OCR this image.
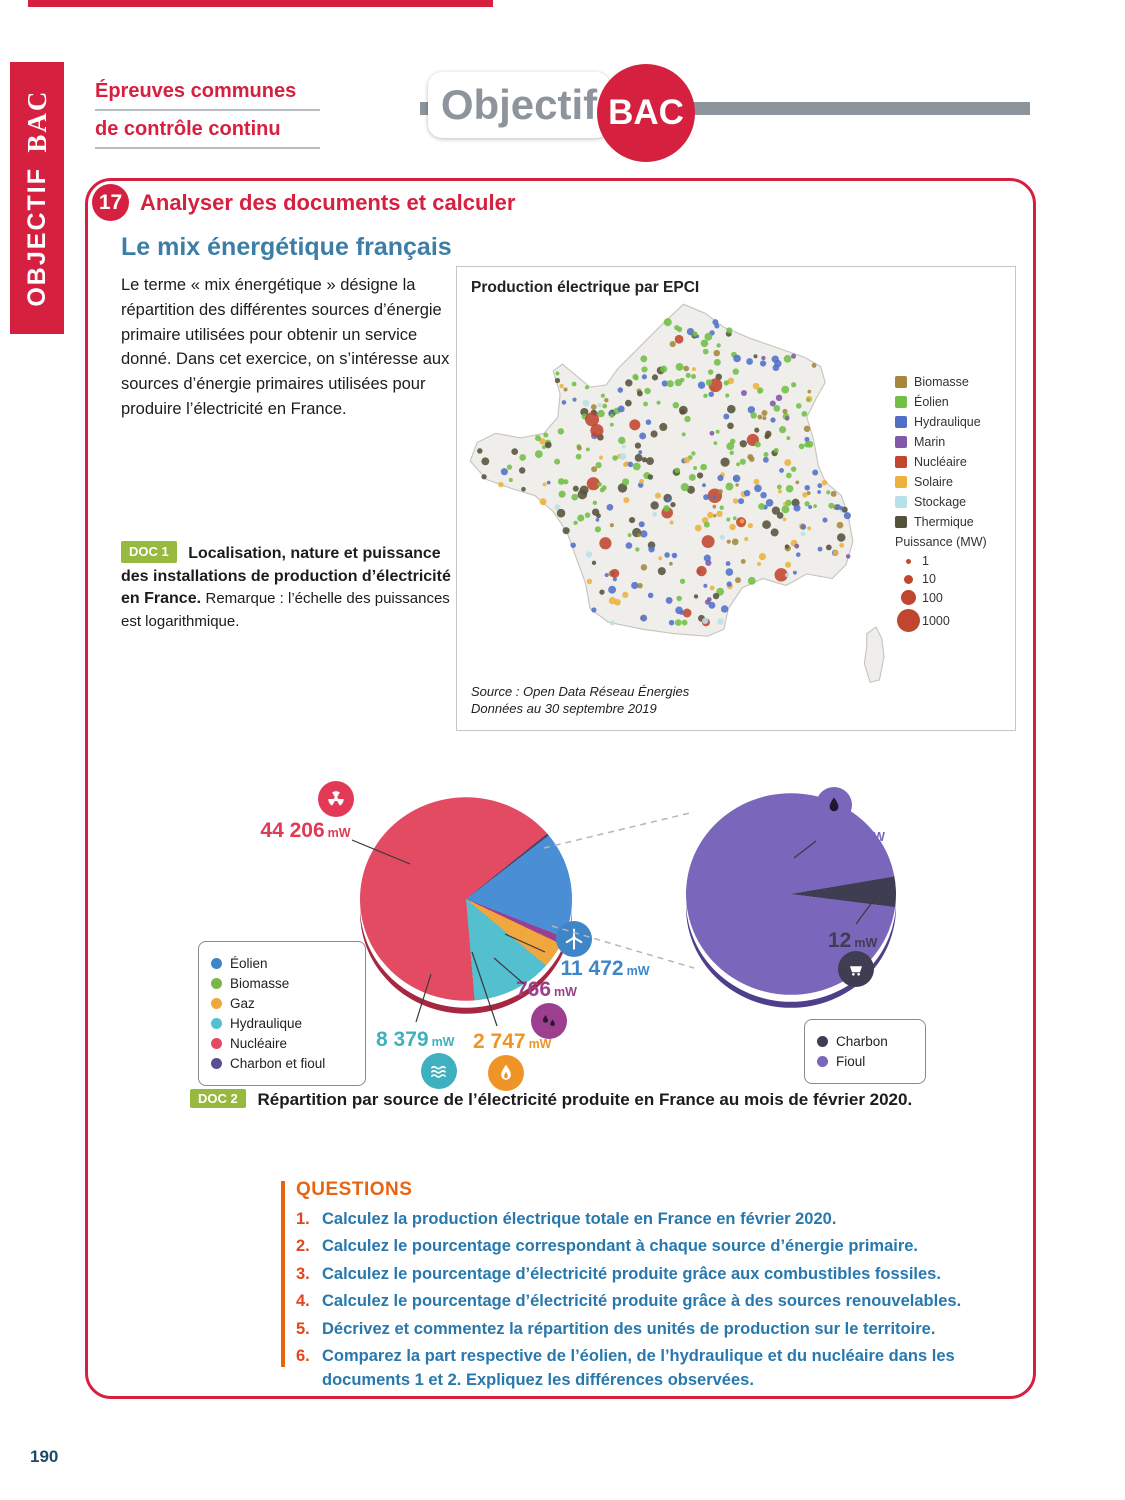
OBJECTIFBAC Épreuves communes
de contrôle continu
Objectif BAC
17 Analyser des documents et calculer
Le mix énergétique français

Le terme « mix énergétique » désigne la répartition des différentes sources d’énergie primaire utilisées pour obtenir un service donné. Dans cet exercice, on s’intéresse aux sources d’énergie primaires utilisées pour produire l’électricité en France.

Production électrique par EPCI
Biomasse
Éolien
Hydraulique
Marin
Nucléaire
Solaire
Stockage
Thermique
Puissance (MW)
1
10
100
1000
Source : Open Data Réseau Énergies
Données au 30 septembre 2019
DOC 1 Localisation, nature et puissance des installations de production d’électricité en France. Remarque : l’échelle des puissances est logarithmique.
44 206 mW
11 472 mW
766 mW
2 747 mW
8 379 mW
236 mW
12 mW
Éolien
Biomasse
Gaz
Hydraulique
Nucléaire
Charbon et fioul
Charbon
Fioul
DOC 2 Répartition par source de l’électricité produite en France au mois de février 2020.
QUESTIONS
1. Calculez la production électrique totale en France en février 2020.
2. Calculez le pourcentage correspondant à chaque source d’énergie primaire.
3. Calculez le pourcentage d’électricité produite grâce aux combustibles fossiles.
4. Calculez le pourcentage d’électricité produite grâce à des sources renouvelables.
5. Décrivez et commentez la répartition des unités de production sur le territoire.
6. Comparez la part respective de l’éolien, de l’hydraulique et du nucléaire dans les documents 1 et 2. Expliquez les différences observées.
190
